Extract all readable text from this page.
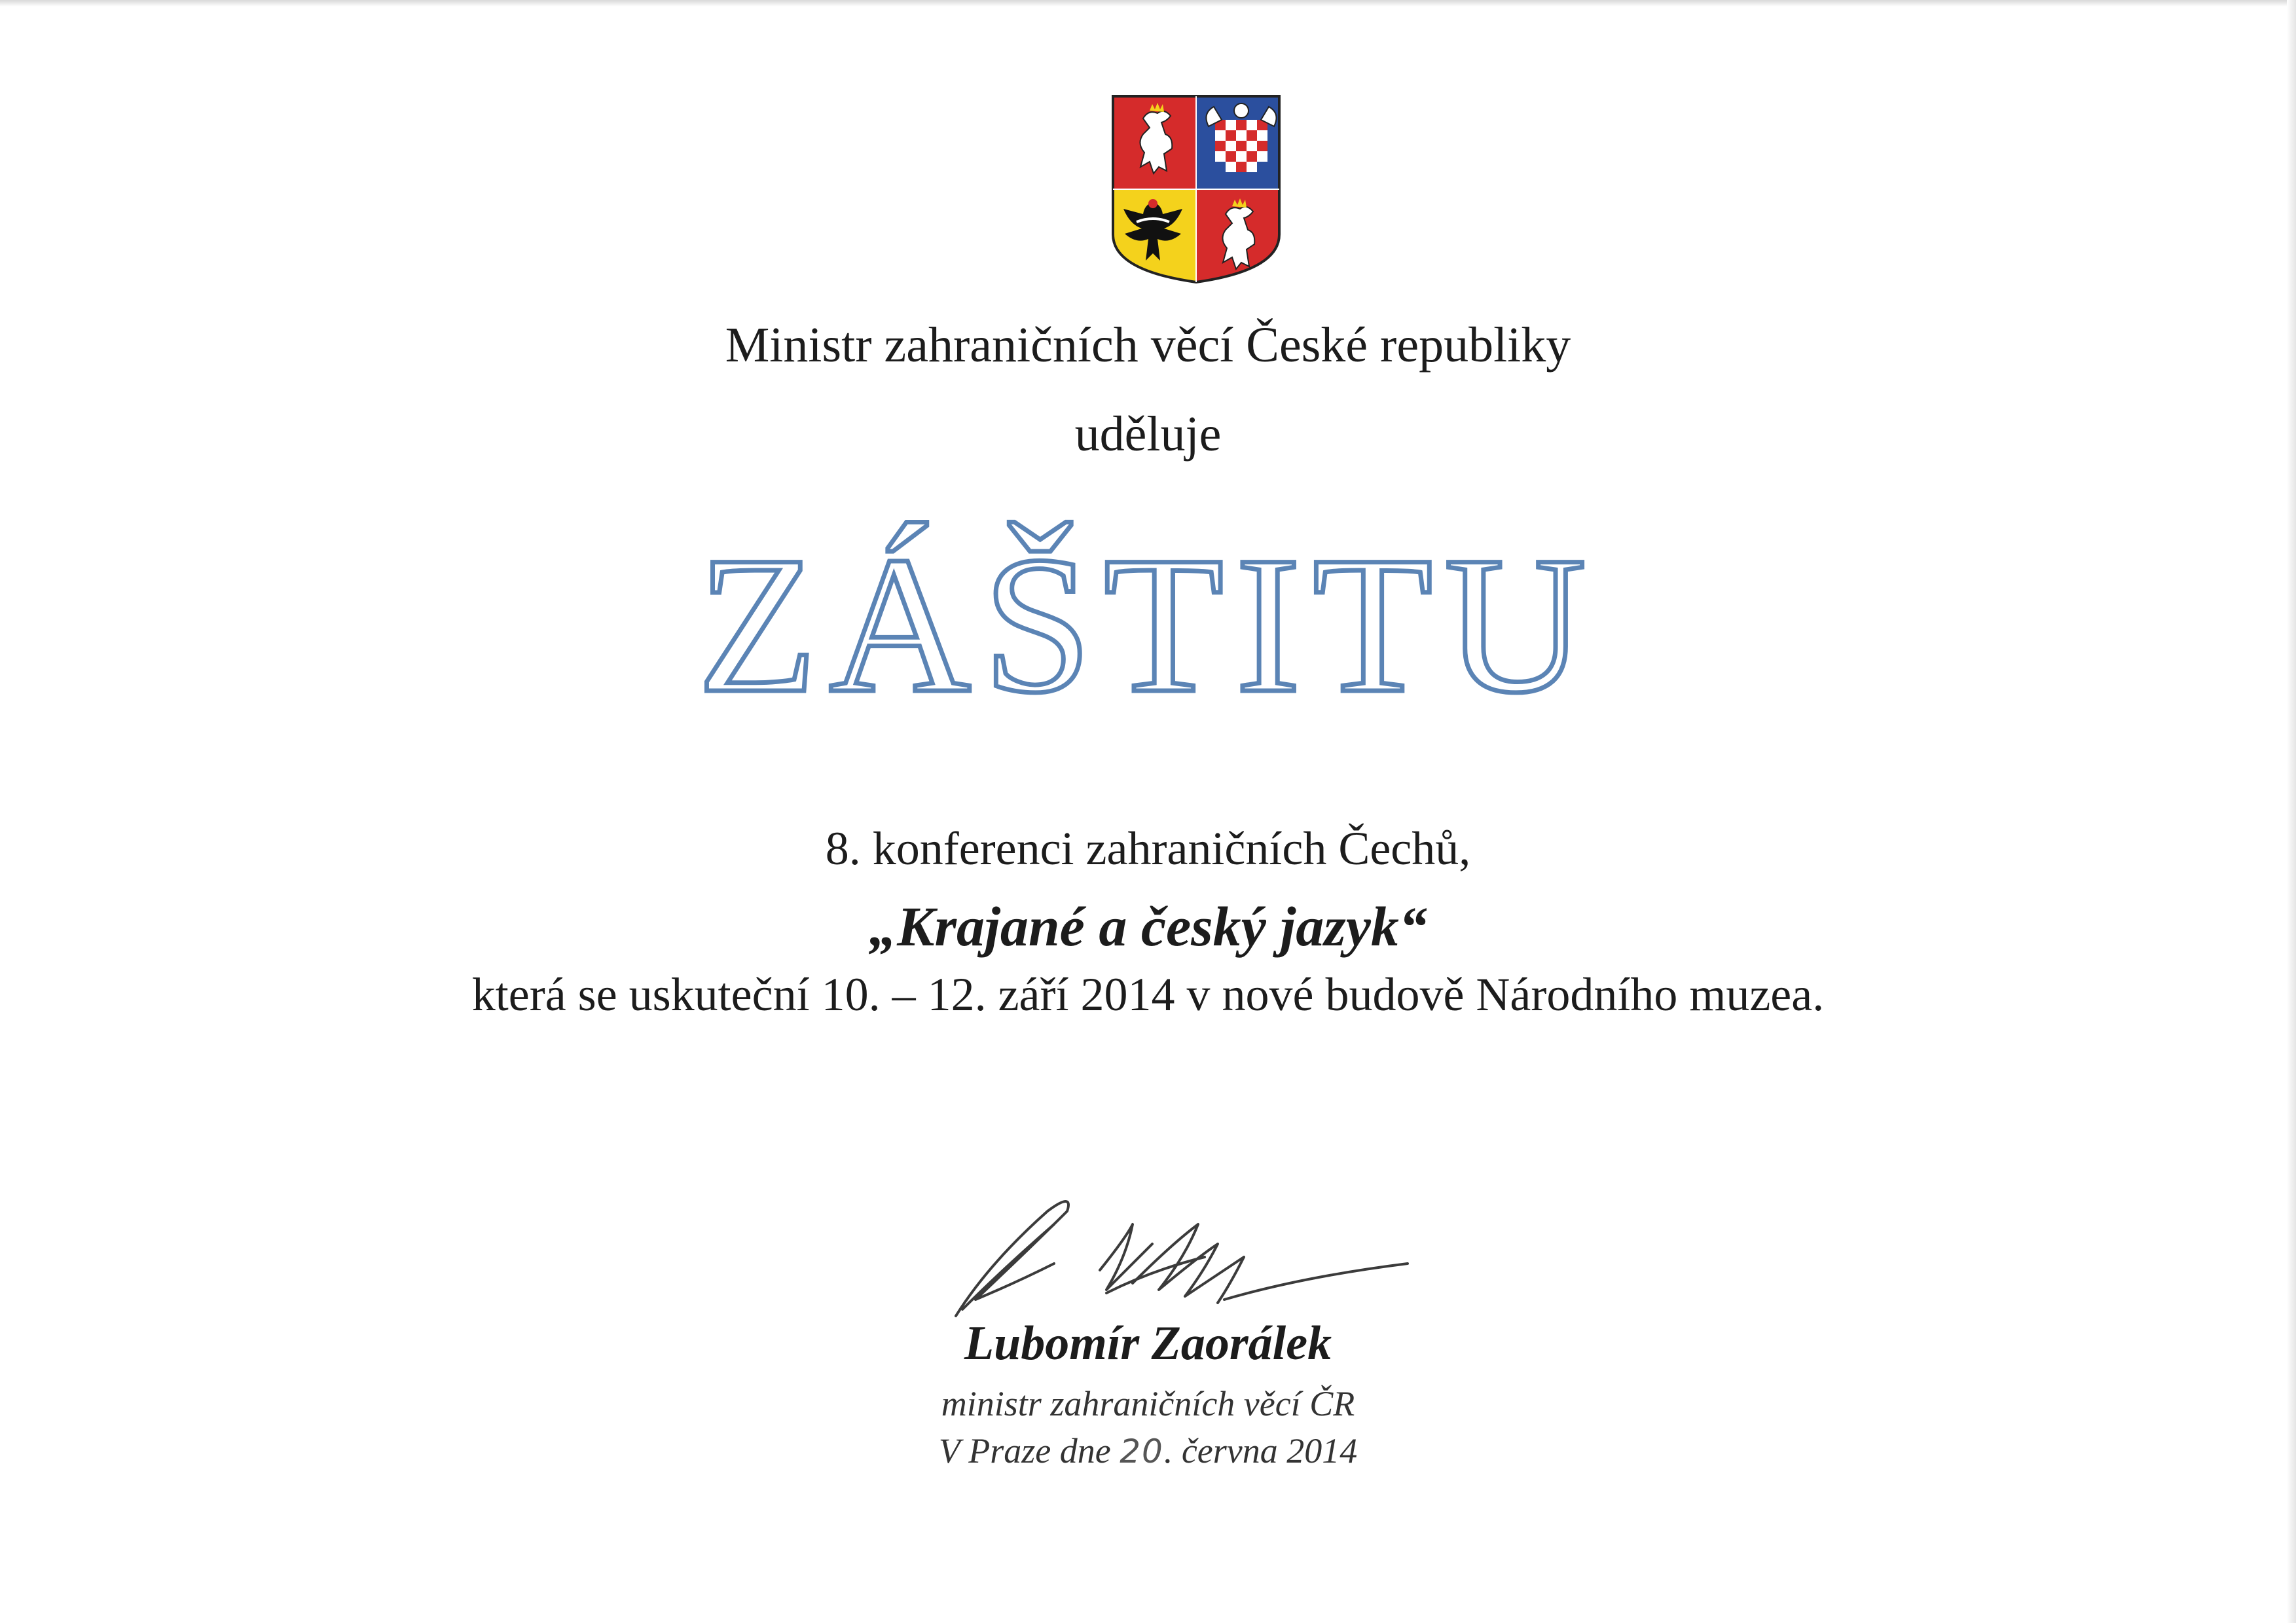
Ministr zahraničních věcí České republiky
uděluje
ZÁŠTITU
8. konferenci zahraničních Čechů,
„Krajané a český jazyk“
která se uskuteční 10. – 12. září 2014 v nové budově Národního muzea.
Lubomír Zaorálek
ministr zahraničních věcí ČR
V Praze dne 20. června 2014
